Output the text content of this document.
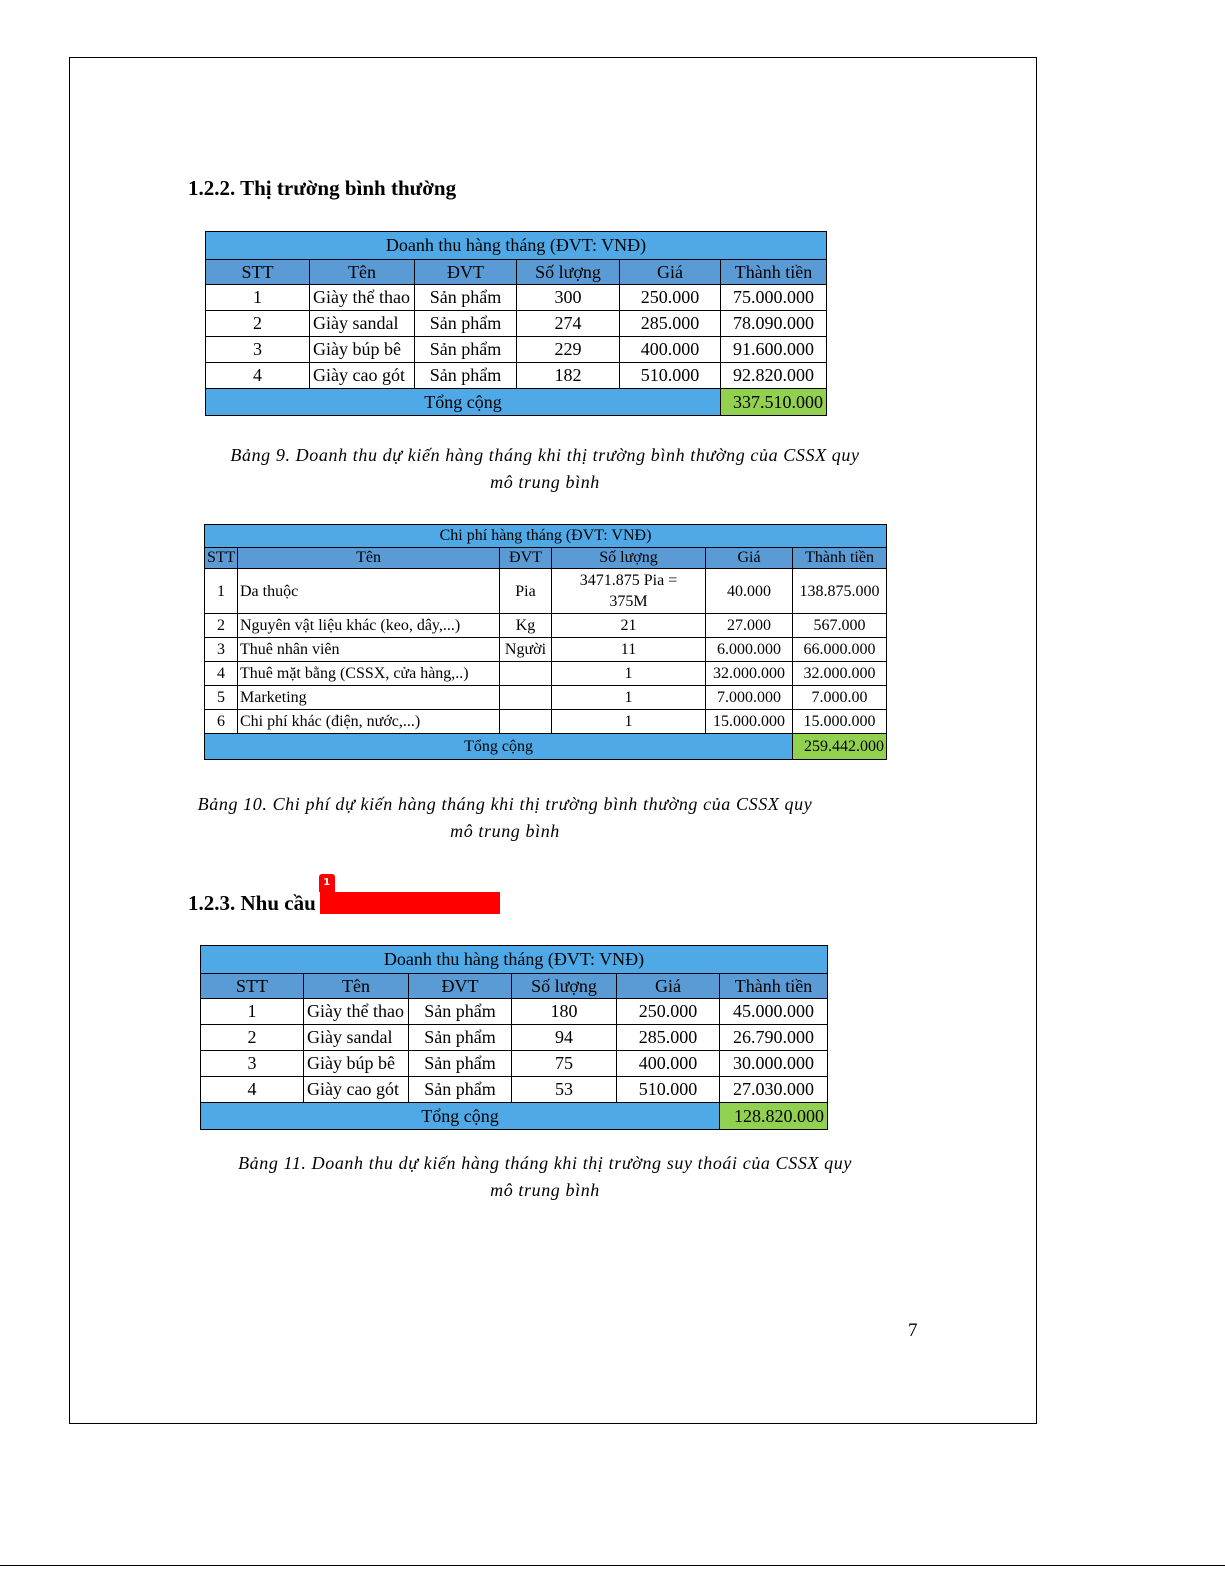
1.2.2. Thị trường bình thường
Doanh thu hàng tháng (ĐVT: VNĐ)					
STT	Tên	ĐVT	Số lượng	Giá	Thành tiền
1	Giày thể thao	Sản phẩm	300	250.000	75.000.000
2	Giày sandal	Sản phẩm	274	285.000	78.090.000
3	Giày búp bê	Sản phẩm	229	400.000	91.600.000
4	Giày cao gót	Sản phẩm	182	510.000	92.820.000
Tổng cộng					337.510.000
Bảng 9. Doanh thu dự kiến hàng tháng khi thị trường bình thường của CSSX quy
mô trung bình
Chi phí hàng tháng (ĐVT: VNĐ)					
STT	Tên	ĐVT	Số lượng	Giá	Thành tiền
1	Da thuộc	Pia	3471.875 Pia = 375M	40.000	138.875.000
2	Nguyên vật liệu khác (keo, dây,...)	Kg	21	27.000	567.000
3	Thuê nhân viên	Người	11	6.000.000	66.000.000
4	Thuê mặt bằng (CSSX, cửa hàng,..)		1	32.000.000	32.000.000
5	Marketing		1	7.000.000	7.000.00
6	Chi phí khác (điện, nước,...)		1	15.000.000	15.000.000
Tổng cộng					259.442.000
Bảng 10. Chi phí dự kiến hàng tháng khi thị trường bình thường của CSSX quy
mô trung bình
1.2.3. Nhu cầu
1
Doanh thu hàng tháng (ĐVT: VNĐ)					
STT	Tên	ĐVT	Số lượng	Giá	Thành tiền
1	Giày thể thao	Sản phẩm	180	250.000	45.000.000
2	Giày sandal	Sản phẩm	94	285.000	26.790.000
3	Giày búp bê	Sản phẩm	75	400.000	30.000.000
4	Giày cao gót	Sản phẩm	53	510.000	27.030.000
Tổng cộng					128.820.000
Bảng 11. Doanh thu dự kiến hàng tháng khi thị trường suy thoái của CSSX quy
mô trung bình
7
